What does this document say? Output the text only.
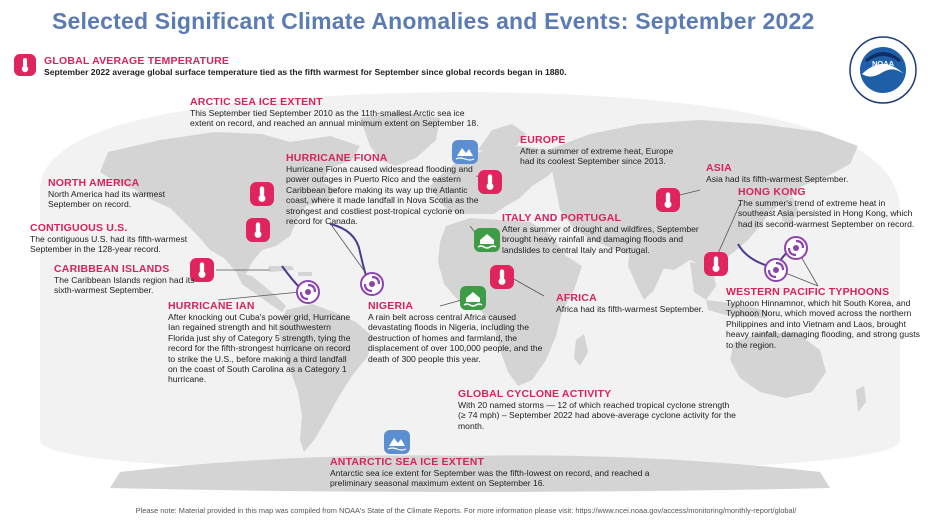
Selected Significant Climate Anomalies and Events: September 2022
NOAA
GLOBAL AVERAGE TEMPERATURE
September 2022 average global surface temperature tied as the fifth warmest for September since global records began in 1880.
ARCTIC SEA ICE EXTENT
This September tied September 2010 as the 11th-smallest Arctic sea ice extent on record, and reached an annual minimum extent on September 18.
EUROPE
After a summer of extreme heat, Europe had its coolest September since 2013.
ASIA
Asia had its fifth-warmest September.
HONG KONG
The summer's trend of extreme heat in southeast Asia persisted in Hong Kong, which had its second-warmest September on record.
NORTH AMERICA
North America had its warmest September on record.
CONTIGUOUS U.S.
The contiguous U.S. had its fifth-warmest September in the 128-year record.
CARIBBEAN ISLANDS
The Caribbean Islands region had its sixth-warmest September.
HURRICANE FIONA
Hurricane Fiona caused widespread flooding and power outages in Puerto Rico and the eastern Caribbean before making its way up the Atlantic coast, where it made landfall in Nova Scotia as the strongest and costliest post-tropical cyclone on record for Canada.	ITALY AND PORTUGAL
After a summer of drought and wildfires, September brought heavy rainfall and damaging floods and landslides to central Italy and Portugal.
AFRICA
Africa had its fifth-warmest September.
NIGERIA
A rain belt across central Africa caused devastating floods in Nigeria, including the destruction of homes and farmland, the displacement of over 100,000 people, and the death of 300 people this year.
HURRICANE IAN
After knocking out Cuba's power grid, Hurricane Ian regained strength and hit southwestern Florida just shy of Category 5 strength, tying the record for the fifth-strongest hurricane on record to strike the U.S., before making a third landfall on the coast of South Carolina as a Category 1 hurricane.
WESTERN PACIFIC TYPHOONS
Typhoon Hinnamnor, which hit South Korea, and Typhoon Noru, which moved across the northern Philippines and into Vietnam and Laos, brought heavy rainfall, damaging flooding, and strong gusts to the region.
GLOBAL CYCLONE ACTIVITY
With 20 named storms — 12 of which reached tropical cyclone strength (≥ 74 mph) – September 2022 had above-average cyclone activity for the month.
ANTARCTIC SEA ICE EXTENT
Antarctic sea ice extent for September was the fifth-lowest on record, and reached a preliminary seasonal maximum extent on September 16.
Please note: Material provided in this map was compiled from NOAA's State of the Climate Reports. For more information please visit: https://www.ncei.noaa.gov/access/monitoring/monthly-report/global/
